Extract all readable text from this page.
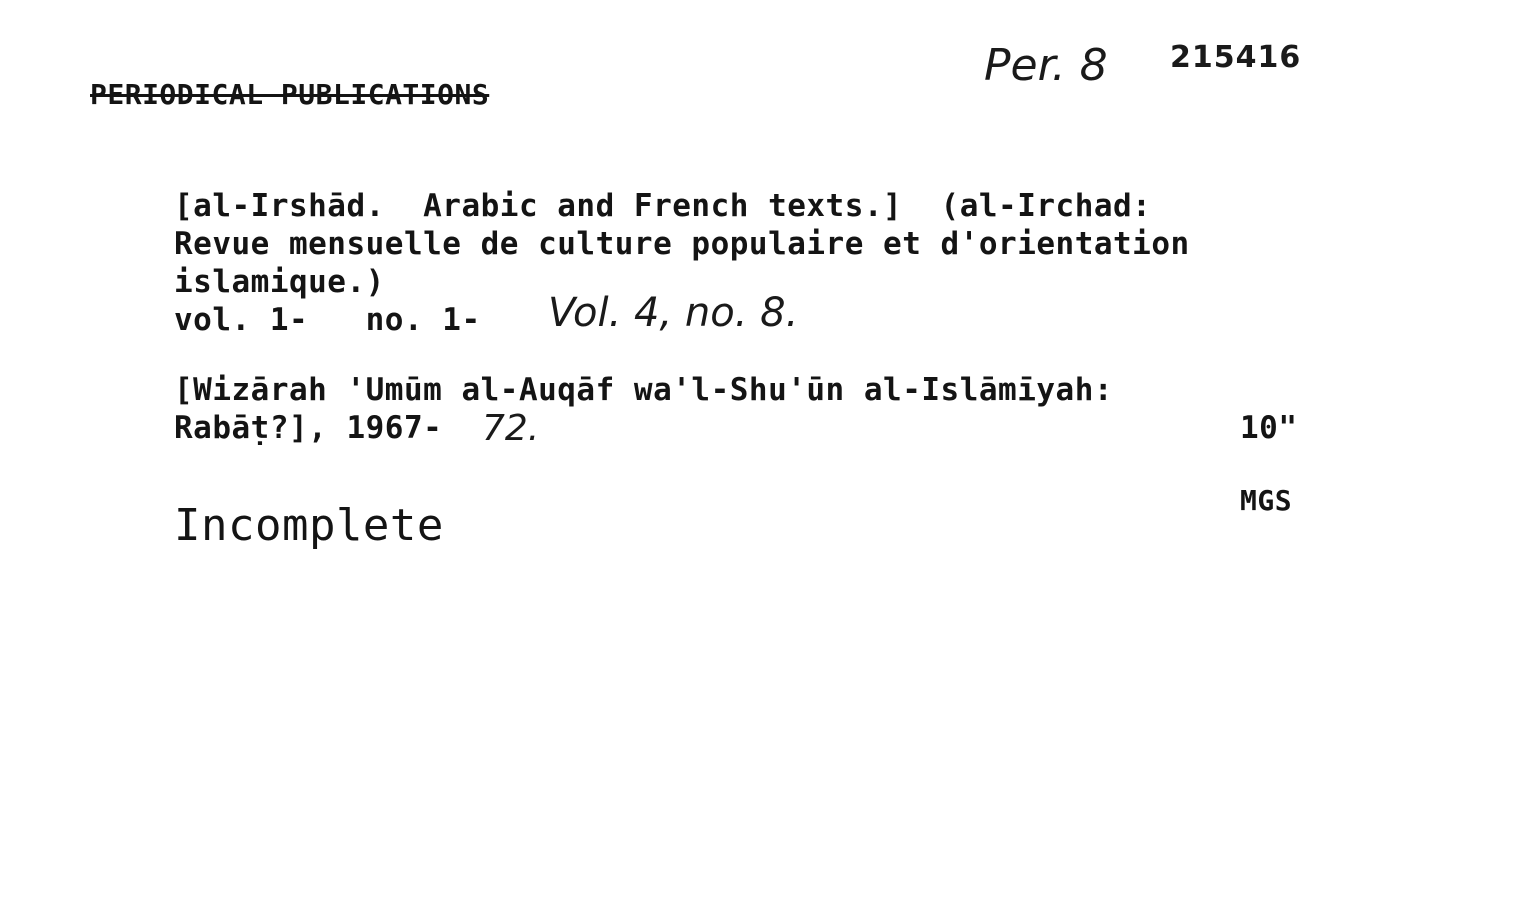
PERIODICAL PUBLICATIONS
Per. 8 215416
[al-Irshād.  Arabic and French texts.]  (al-Irchad:
Revue mensuelle de culture populaire et d'orientation
islamique.)
vol. 1-   no. 1- Vol. 4, no. 8.
[Wizārah 'Umūm al-Auqāf wa'l-Shu'ūn al-Islāmīyah:
Rabāṭ?], 1967- 72.	10"
Incomplete	MGS
